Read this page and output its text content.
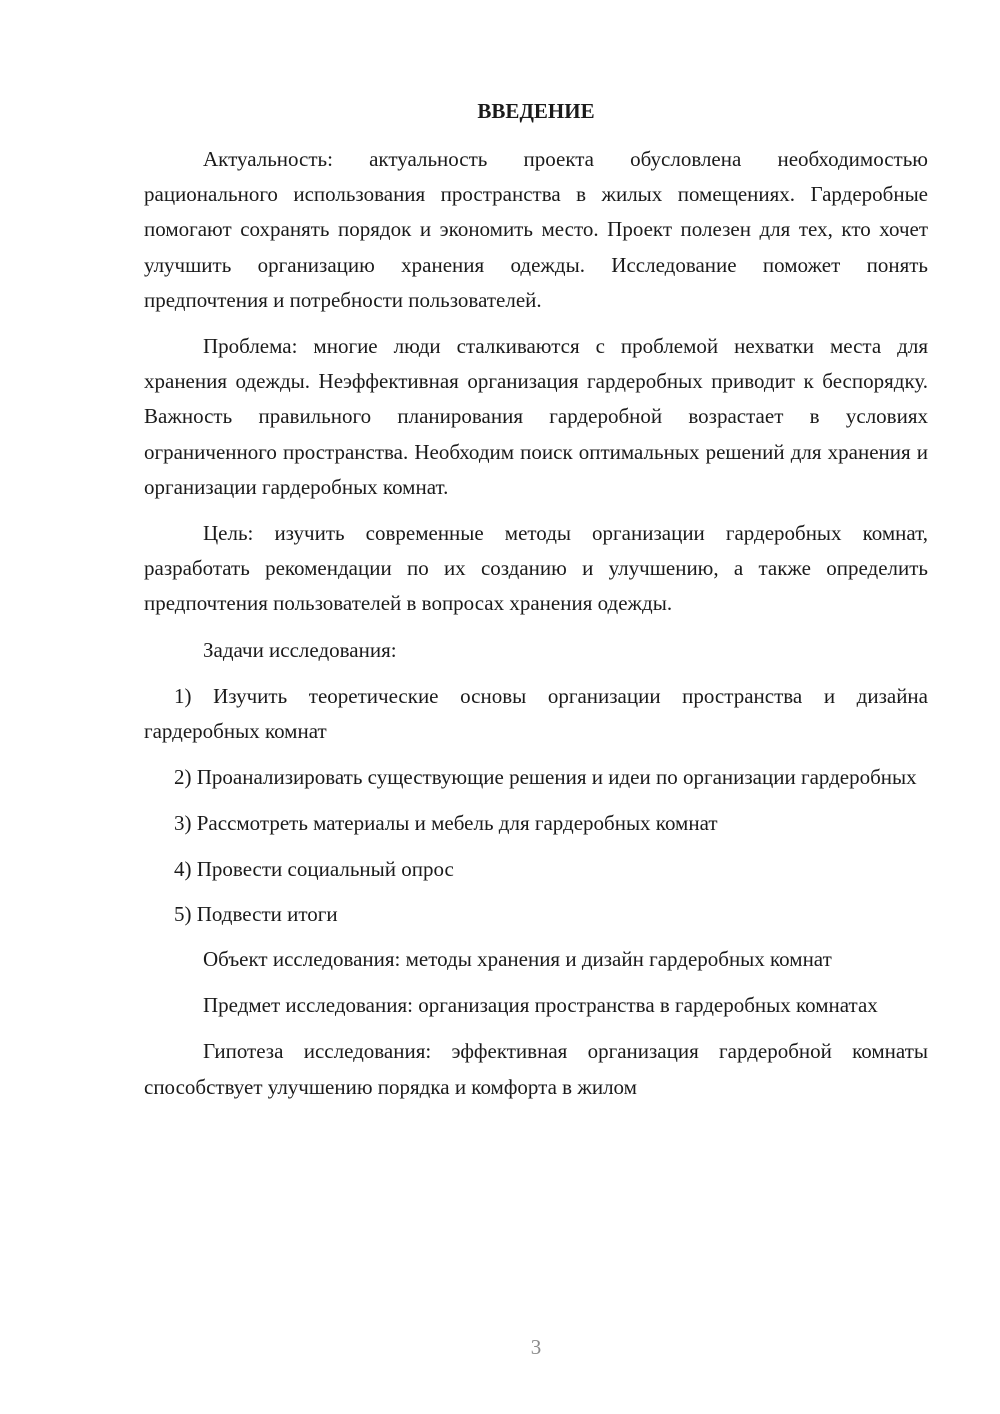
ВВЕДЕНИЕ

Актуальность: актуальность проекта обусловлена необходимостью рационального использования пространства в жилых помещениях. Гардеробные помогают сохранять порядок и экономить место. Проект полезен для тех, кто хочет улучшить организацию хранения одежды. Исследование поможет понять предпочтения и потребности пользователей.

Проблема: многие люди сталкиваются с проблемой нехватки места для хранения одежды. Неэффективная организация гардеробных приводит к беспорядку. Важность правильного планирования гардеробной возрастает в условиях ограниченного пространства. Необходим поиск оптимальных решений для хранения и организации гардеробных комнат.

Цель: изучить современные методы организации гардеробных комнат, разработать рекомендации по их созданию и улучшению, а также определить предпочтения пользователей в вопросах хранения одежды.

Задачи исследования:

1) Изучить теоретические основы организации пространства и дизайна гардеробных комнат

2) Проанализировать существующие решения и идеи по организации гардеробных

3) Рассмотреть материалы и мебель для гардеробных комнат

4) Провести социальный опрос

5) Подвести итоги

Объект исследования: методы хранения и дизайн гардеробных комнат

Предмет исследования: организация пространства в гардеробных комнатах

Гипотеза исследования: эффективная организация гардеробной комнаты способствует улучшению порядка и комфорта в жилом

3
